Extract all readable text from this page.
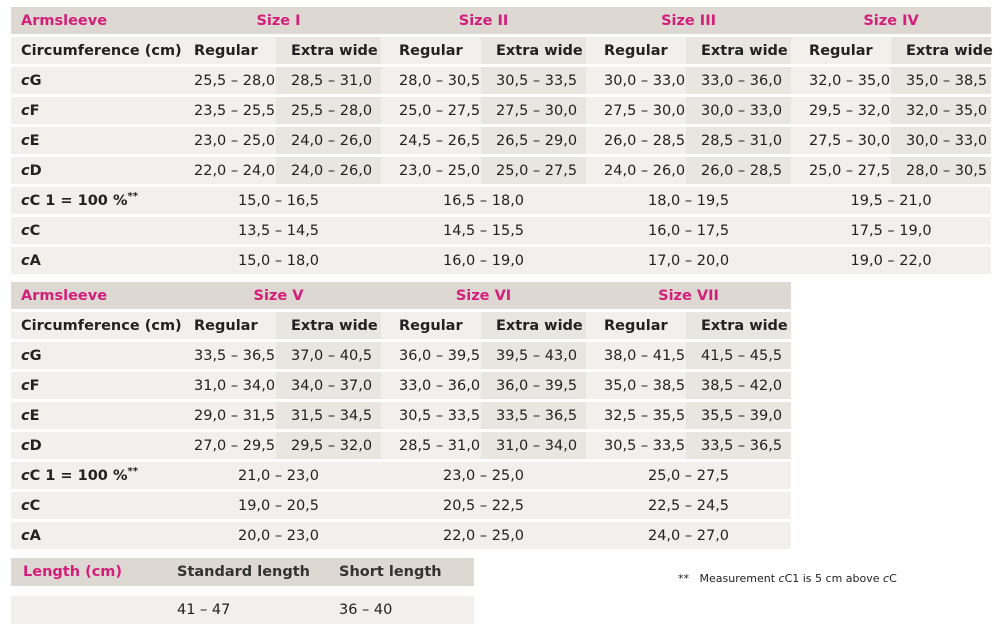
Armsleeve	Size I		Size II		Size III		Size IV	
Circumference (cm)	Regular	Extra wide	Regular	Extra wide	Regular	Extra wide	Regular	Extra wide
cG	25,5 – 28,0	28,5 – 31,0	28,0 – 30,5	30,5 – 33,5	30,0 – 33,0	33,0 – 36,0	32,0 – 35,0	35,0 – 38,5
cF	23,5 – 25,5	25,5 – 28,0	25,0 – 27,5	27,5 – 30,0	27,5 – 30,0	30,0 – 33,0	29,5 – 32,0	32,0 – 35,0
cE	23,0 – 25,0	24,0 – 26,0	24,5 – 26,5	26,5 – 29,0	26,0 – 28,5	28,5 – 31,0	27,5 – 30,0	30,0 – 33,0
cD	22,0 – 24,0	24,0 – 26,0	23,0 – 25,0	25,0 – 27,5	24,0 – 26,0	26,0 – 28,5	25,0 – 27,5	28,0 – 30,5
cC 1 = 100 %**	15,0 – 16,5		16,5 – 18,0		18,0 – 19,5		19,5 – 21,0	
cC	13,5 – 14,5		14,5 – 15,5		16,0 – 17,5		17,5 – 19,0	
cA	15,0 – 18,0		16,0 – 19,0		17,0 – 20,0		19,0 – 22,0	
Armsleeve	Size V		Size VI		Size VII	
Circumference (cm)	Regular	Extra wide	Regular	Extra wide	Regular	Extra wide
cG	33,5 – 36,5	37,0 – 40,5	36,0 – 39,5	39,5 – 43,0	38,0 – 41,5	41,5 – 45,5
cF	31,0 – 34,0	34,0 – 37,0	33,0 – 36,0	36,0 – 39,5	35,0 – 38,5	38,5 – 42,0
cE	29,0 – 31,5	31,5 – 34,5	30,5 – 33,5	33,5 – 36,5	32,5 – 35,5	35,5 – 39,0
cD	27,0 – 29,5	29,5 – 32,0	28,5 – 31,0	31,0 – 34,0	30,5 – 33,5	33,5 – 36,5
cC 1 = 100 %**	21,0 – 23,0		23,0 – 25,0		25,0 – 27,5	
cC	19,0 – 20,5		20,5 – 22,5		22,5 – 24,5	
cA	20,0 – 23,0		22,0 – 25,0		24,0 – 27,0	
Length (cm)	Standard length	Short length

	41 – 47	36 – 40
** Measurement cC1 is 5 cm above cC
